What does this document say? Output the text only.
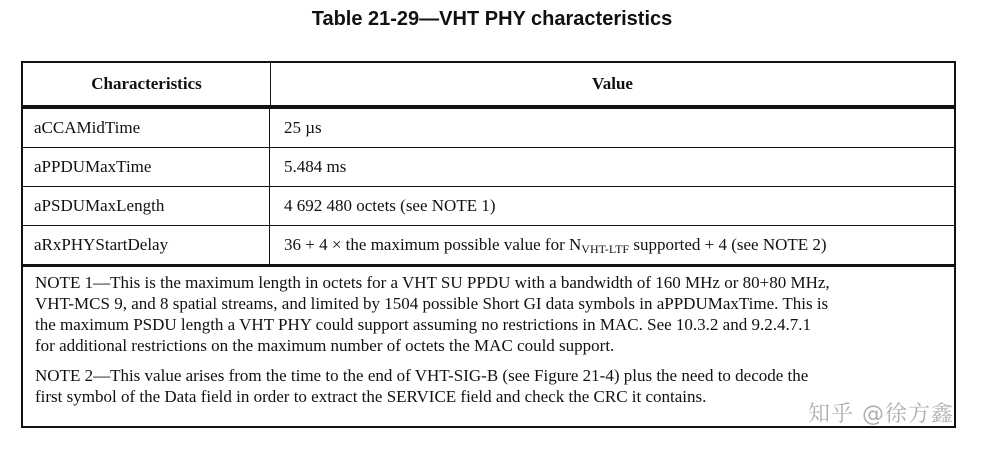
Table 21-29—VHT PHY characteristics
Characteristics	Value
aCCAMidTime	25 µs
aPPDUMaxTime	5.484 ms
aPSDUMaxLength	4 692 480 octets (see NOTE 1)
aRxPHYStartDelay	36 + 4 × the maximum possible value for $N_{VHT-LTF}$ supported + 4 (see NOTE 2)

NOTE 1—This is the maximum length in octets for a VHT SU PPDU with a bandwidth of 160 MHz or 80+80 MHz,
VHT-MCS 9, and 8 spatial streams, and limited by 1504 possible Short GI data symbols in aPPDUMaxTime. This is
the maximum PSDU length a VHT PHY could support assuming no restrictions in MAC. See 10.3.2 and 9.2.4.7.1
for additional restrictions on the maximum number of octets the MAC could support.

NOTE 2—This value arises from the time to the end of VHT-SIG-B (see Figure 21-4) plus the need to decode the
first symbol of the Data field in order to extract the SERVICE field and check the CRC it contains.

知乎 @徐方鑫
